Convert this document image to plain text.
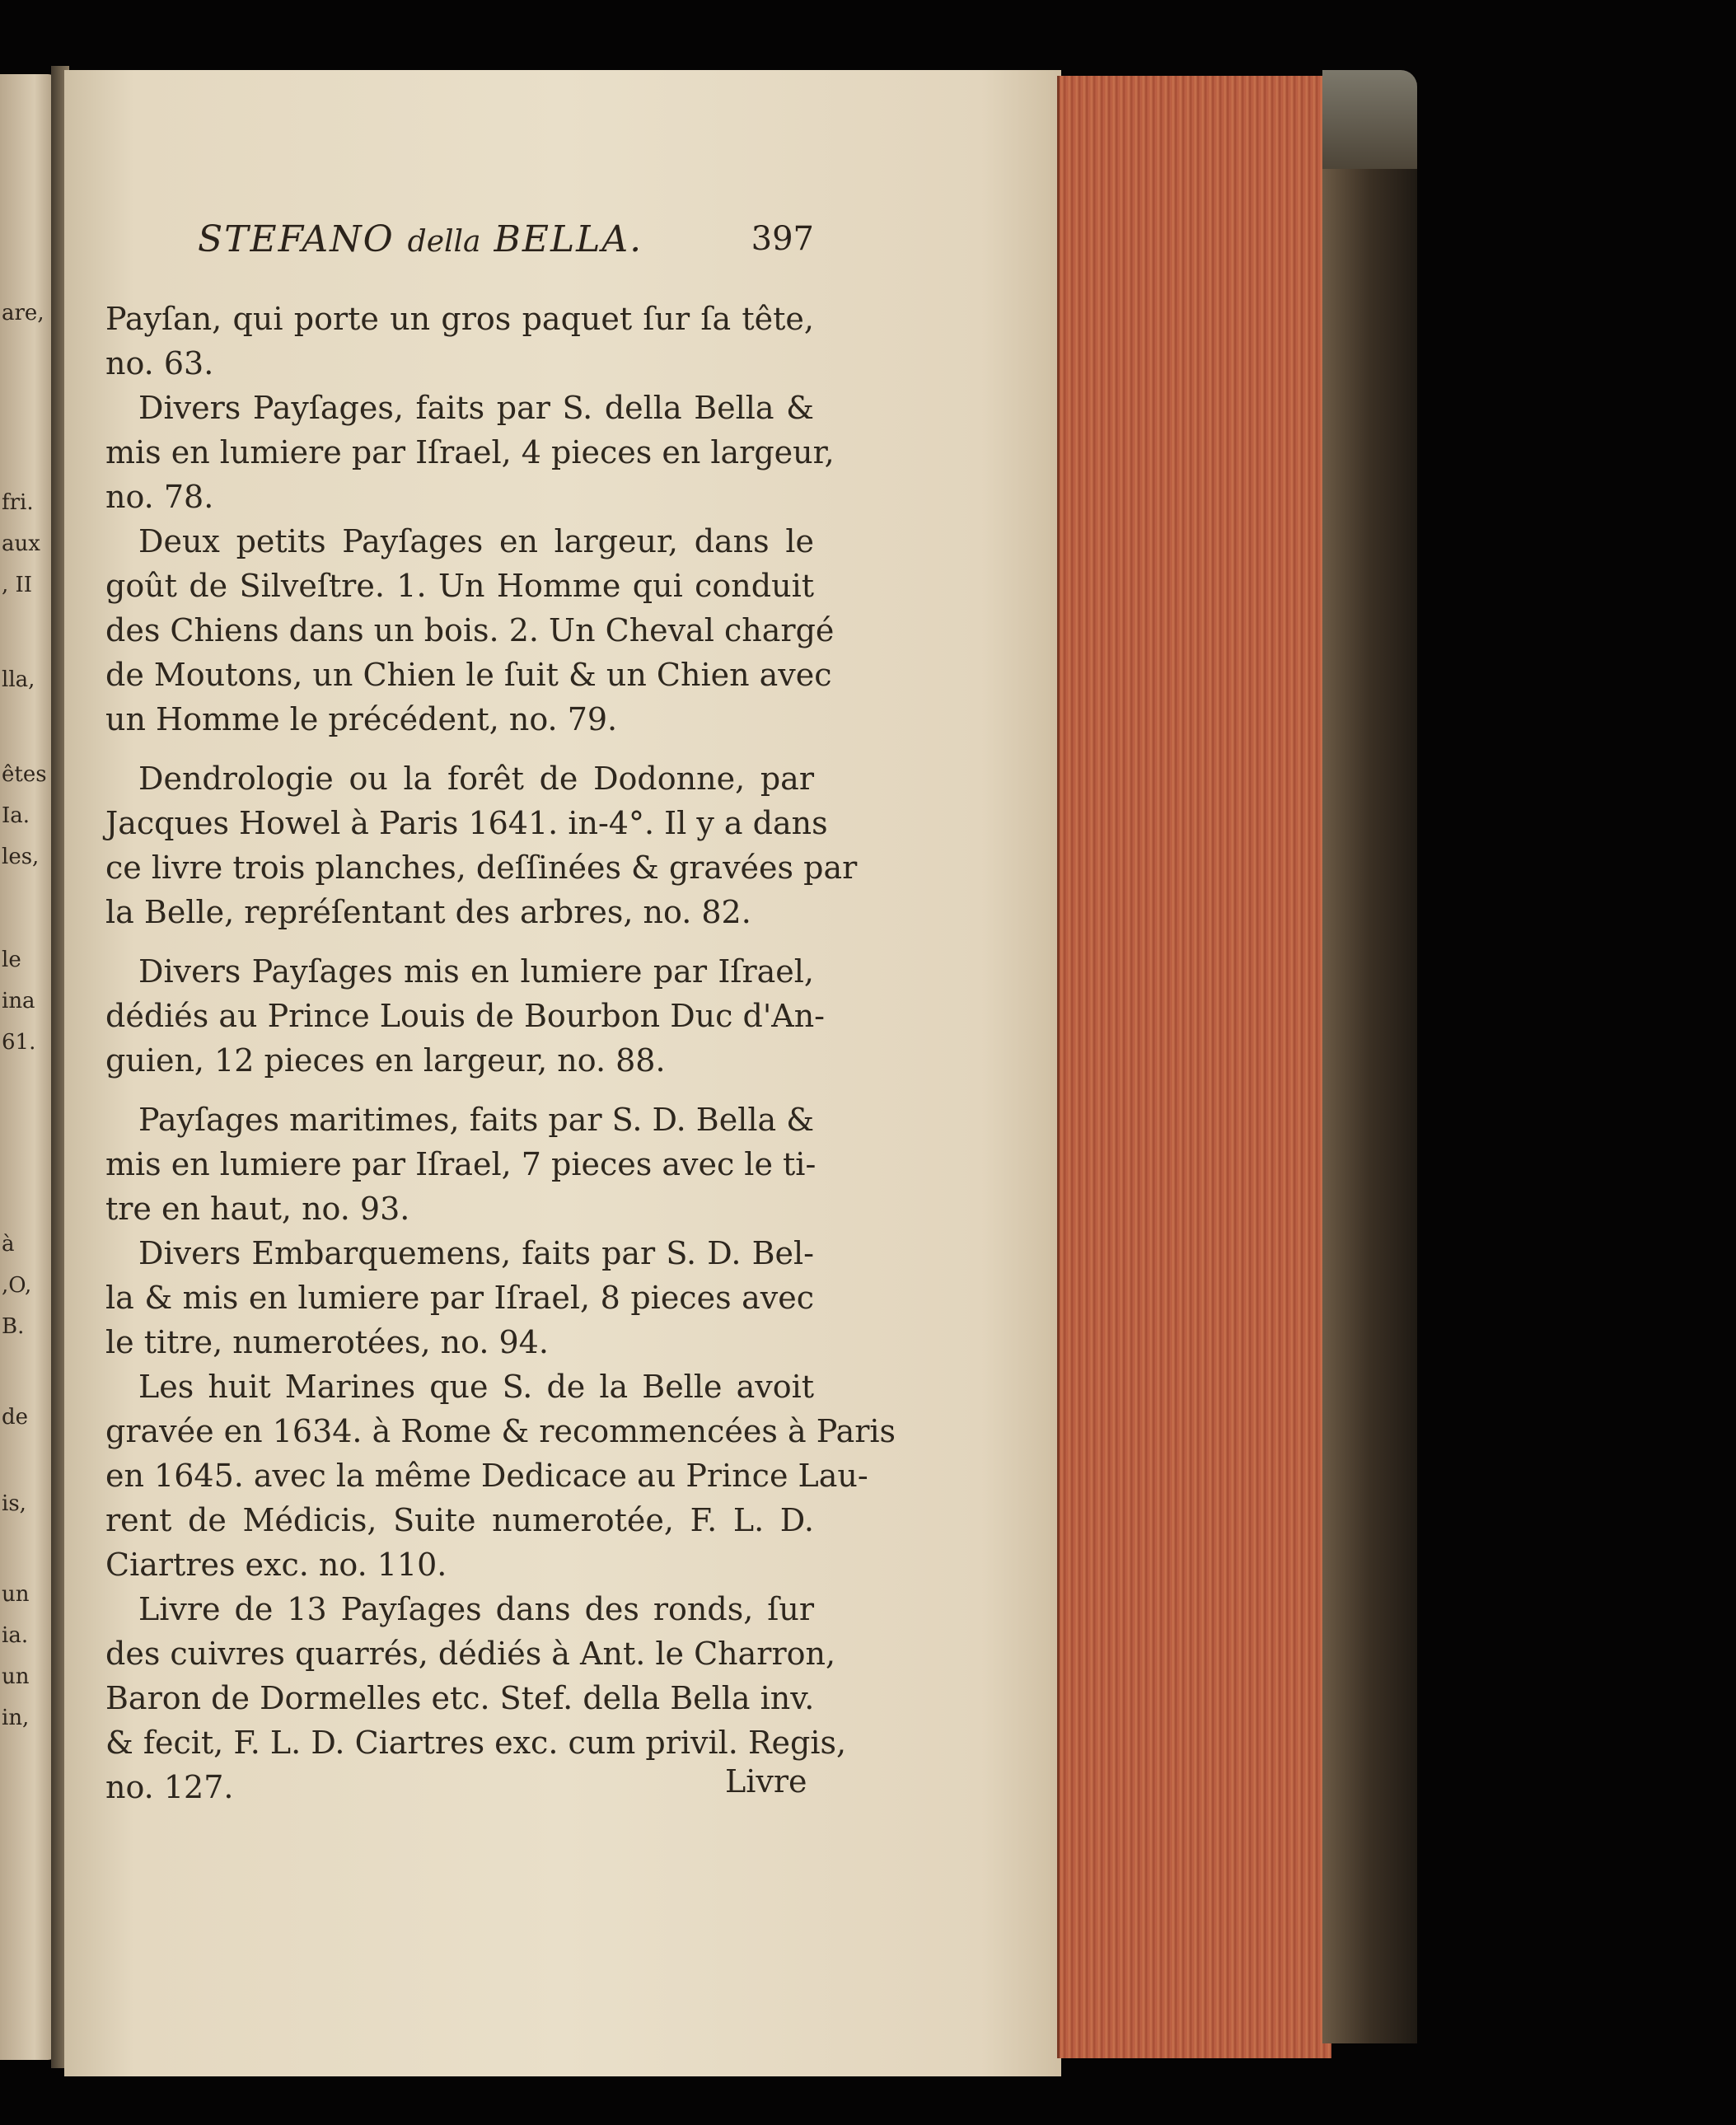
are,
fri.
aux
, II
lla,
êtes
Ia.
les,
le
ina
61.
à
,O,
B.
de
is,
un
ia.
un
in,
STEFANO della BELLA.	397
Payſan, qui porte un gros paquet ſur ſa tête,
no. 63.
Divers Payſages, faits par S. della Bella &
mis en lumiere par Iſrael, 4 pieces en largeur,
no. 78.
Deux petits Payſages en largeur, dans le
goût de Silveſtre. 1. Un Homme qui conduit
des Chiens dans un bois. 2. Un Cheval chargé
de Moutons, un Chien le ſuit & un Chien avec
un Homme le précédent, no. 79.
Dendrologie ou la forêt de Dodonne, par
Jacques Howel à Paris 1641. in-4°. Il y a dans
ce livre trois planches, deſſinées & gravées par
la Belle, repréſentant des arbres, no. 82.
Divers Payſages mis en lumiere par Iſrael,
dédiés au Prince Louis de Bourbon Duc d'An-
guien, 12 pieces en largeur, no. 88.
Payſages maritimes, faits par S. D. Bella &
mis en lumiere par Iſrael, 7 pieces avec le ti-
tre en haut, no. 93.
Divers Embarquemens, faits par S. D. Bel-
la & mis en lumiere par Iſrael, 8 pieces avec
le titre, numerotées, no. 94.
Les huit Marines que S. de la Belle avoit
gravée en 1634. à Rome & recommencées à Paris
en 1645. avec la même Dedicace au Prince Lau-
rent de Médicis, Suite numerotée, F. L. D.
Ciartres exc. no. 110.
Livre de 13 Payſages dans des ronds, ſur
des cuivres quarrés, dédiés à Ant. le Charron,
Baron de Dormelles etc. Stef. della Bella inv.
& fecit, F. L. D. Ciartres exc. cum privil. Regis,
no. 127.	Livre
